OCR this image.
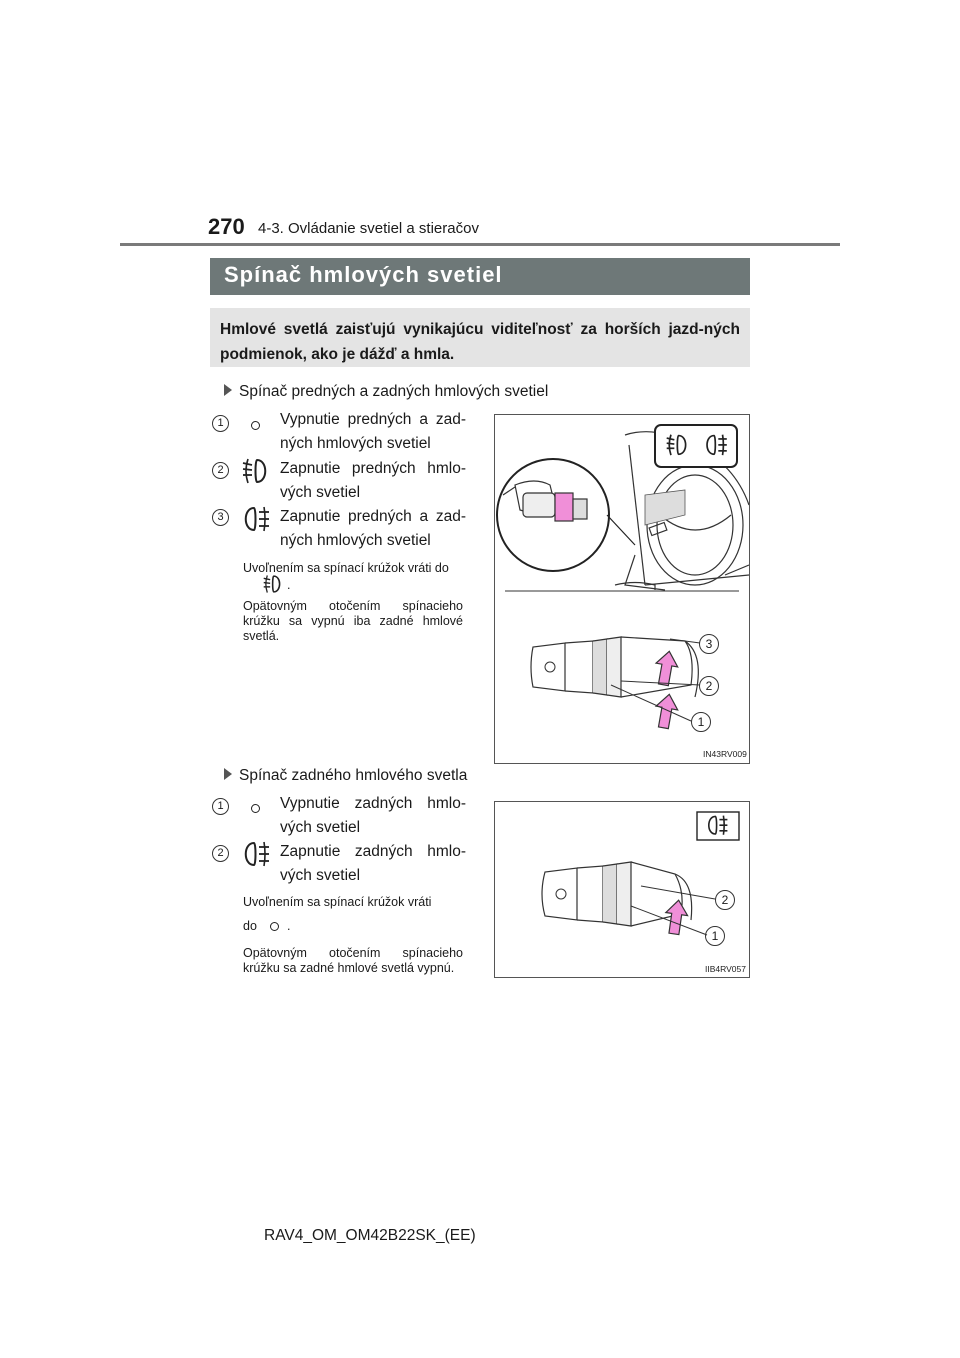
270 4-3. Ovládanie svetiel a stieračov
Spínač hmlových svetiel
Hmlové svetlá zaisťujú vynikajúcu viditeľnosť za horších jazd-ných podmienok, ako je dážď a hmla.
Spínač predných a zadných hmlových svetiel
1	Vypnutie predných a zad-ných hmlových svetiel
2	Zapnutie predných hmlo-vých svetiel
3	Zapnutie predných a zad-ných hmlových svetiel
Uvoľnením sa spínací krúžok vráti do
.
Opätovným otočením spínacieho krúžku sa vypnú iba zadné hmlové svetlá.
3
2
1
IN43RV009
Spínač zadného hmlového svetla
1	Vypnutie zadných hmlo-vých svetiel
2	Zapnutie zadných hmlo-vých svetiel
Uvoľnením sa spínací krúžok vráti
do	.
Opätovným otočením spínacieho krúžku sa zadné hmlové svetlá vypnú.
2
1
IIB4RV057
RAV4_OM_OM42B22SK_(EE)
